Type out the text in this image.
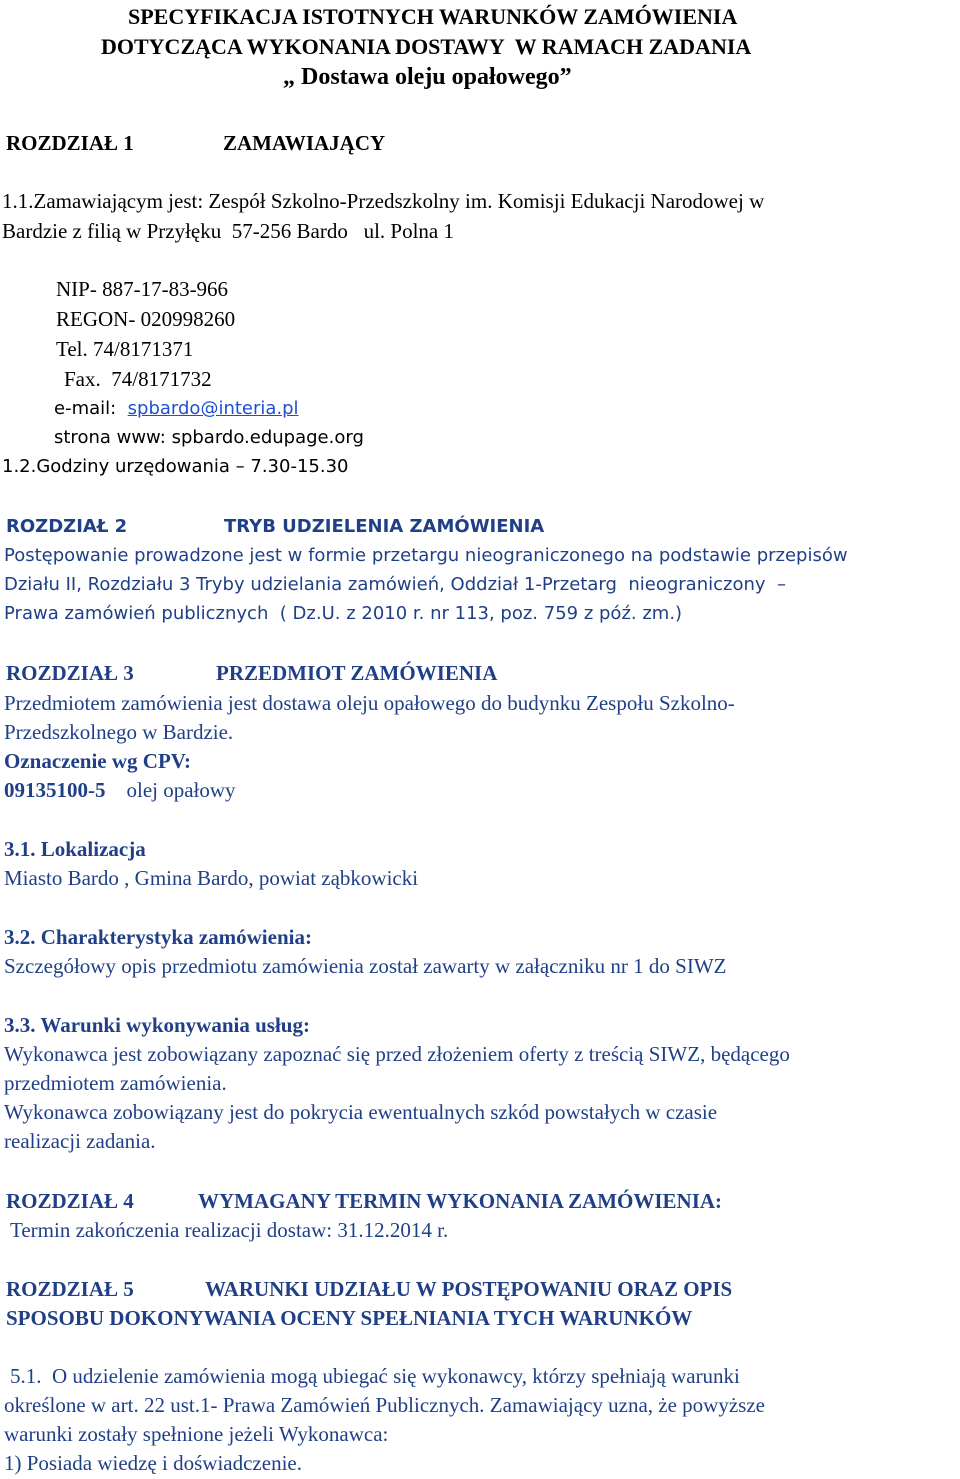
SPECYFIKACJA ISTOTNYCH WARUNKÓW ZAMÓWIENIA
DOTYCZĄCA WYKONANIA DOSTAWY  W RAMACH ZADANIA
„ Dostawa oleju opałowego”
ROZDZIAŁ 1	ZAMAWIAJĄCY
1.1.Zamawiającym jest: Zespół Szkolno-Przedszkolny im. Komisji Edukacji Narodowej w
Bardzie z filią w Przyłęku  57-256 Bardo   ul. Polna 1
NIP- 887-17-83-966
REGON- 020998260
Tel. 74/8171371
Fax.  74/8171732
e-mail: spbardo@interia.pl
strona www: spbardo.edupage.org
1.2.Godziny urzędowania – 7.30-15.30
ROZDZIAŁ 2	TRYB UDZIELENIA ZAMÓWIENIA
Postępowanie prowadzone jest w formie przetargu nieograniczonego na podstawie przepisów
Działu II, Rozdziału 3 Tryby udzielania zamówień, Oddział 1-Przetarg  nieograniczony  –
Prawa zamówień publicznych  ( Dz.U. z 2010 r. nr 113, poz. 759 z póź. zm.)
ROZDZIAŁ 3	PRZEDMIOT ZAMÓWIENIA
Przedmiotem zamówienia jest dostawa oleju opałowego do budynku Zespołu Szkolno-
Przedszkolnego w Bardzie.
Oznaczenie wg CPV:
09135100-5 olej opałowy
3.1. Lokalizacja
Miasto Bardo , Gmina Bardo, powiat ząbkowicki
3.2. Charakterystyka zamówienia:
Szczegółowy opis przedmiotu zamówienia został zawarty w załączniku nr 1 do SIWZ
3.3. Warunki wykonywania usług:
Wykonawca jest zobowiązany zapoznać się przed złożeniem oferty z treścią SIWZ, będącego
przedmiotem zamówienia.
Wykonawca zobowiązany jest do pokrycia ewentualnych szkód powstałych w czasie
realizacji zadania.
ROZDZIAŁ 4	WYMAGANY TERMIN WYKONANIA ZAMÓWIENIA:
Termin zakończenia realizacji dostaw: 31.12.2014 r.
ROZDZIAŁ 5	WARUNKI UDZIAŁU W POSTĘPOWANIU ORAZ OPIS
SPOSOBU DOKONYWANIA OCENY SPEŁNIANIA TYCH WARUNKÓW
5.1.  O udzielenie zamówienia mogą ubiegać się wykonawcy, którzy spełniają warunki
określone w art. 22 ust.1- Prawa Zamówień Publicznych. Zamawiający uzna, że powyższe
warunki zostały spełnione jeżeli Wykonawca:
1) Posiada wiedzę i doświadczenie.
